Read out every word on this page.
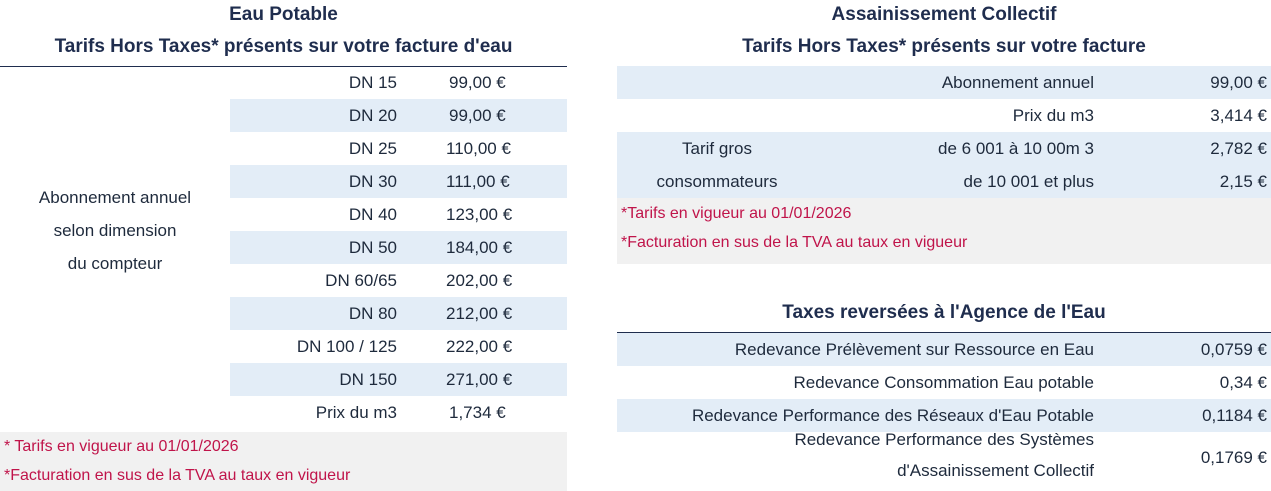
Eau Potable
Tarifs Hors Taxes* présents sur votre facture d'eau
Abonnement annuel
selon dimension
du compteur
DN 15	99,00 €
DN 20	99,00 €
DN 25	110,00 €
DN 30	111,00 €
DN 40	123,00 €
DN 50	184,00 €
DN 60/65	202,00 €
DN 80	212,00 €
DN 100 / 125	222,00 €
DN 150	271,00 €
Prix du m3	1,734 €
* Tarifs en vigueur au 01/01/2026
*Facturation en sus de la TVA au taux en vigueur
Assainissement Collectif
Tarifs Hors Taxes* présents sur votre facture
Abonnement annuel	99,00 €
Prix du m3	3,414 €
Tarif gros
consommateurs
de 6 001 à 10 00m 3	2,782 €
de 10 001 et plus	2,15 €
*Tarifs en vigueur au 01/01/2026
*Facturation en sus de la TVA au taux en vigueur
Taxes reversées à l'Agence de l'Eau
Redevance Prélèvement sur Ressource en Eau	0,0759 €
Redevance Consommation Eau potable	0,34 €
Redevance Performance des Réseaux d'Eau Potable	0,1184 €
Redevance Performance des Systèmes
d'Assainissement Collectif
0,1769 €
